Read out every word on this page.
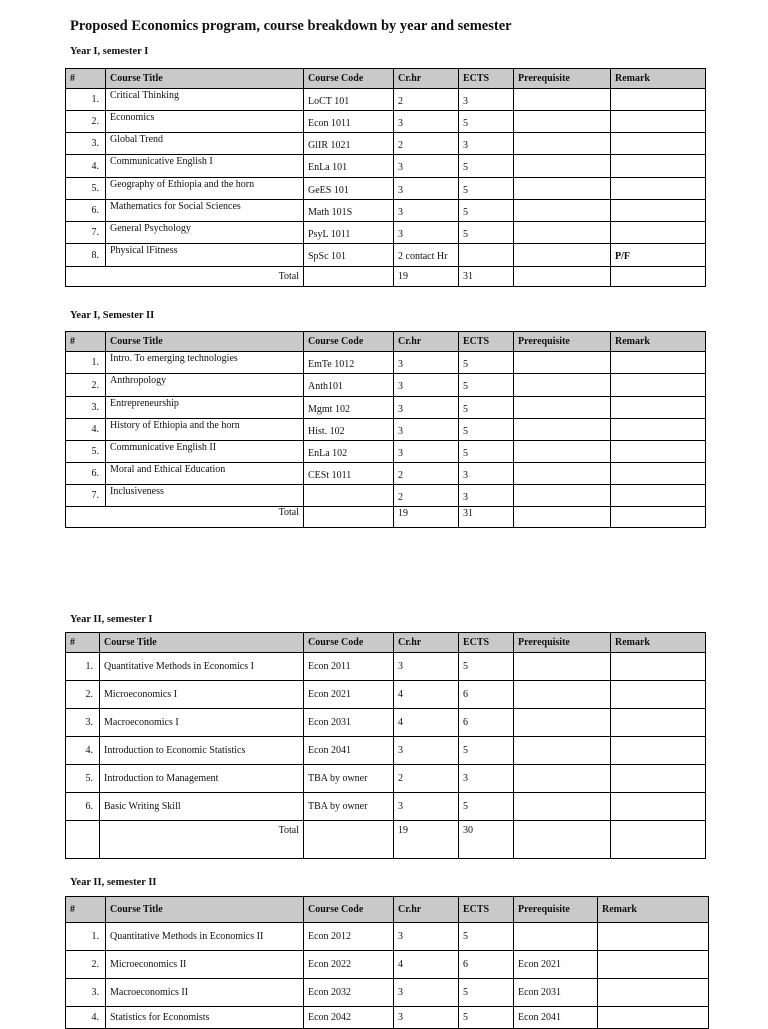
Proposed Economics program, course breakdown by year and semester
Year I, semester I
#	Course Title	Course Code	Cr.hr	ECTS	Prerequisite	Remark
1.	Critical Thinking	LoCT 101	2	3		
2.	Economics	Econ 1011	3	5		
3.	Global Trend	GlIR 1021	2	3		
4.	Communicative English I	EnLa 101	3	5		
5.	Geography of Ethiopia and the horn	GeES 101	3	5		
6.	Mathematics for Social Sciences	Math 101S	3	5		
7.	General Psychology	PsyL 1011	3	5		
8.	Physical lFitness	SpSc 101	2 contact Hr			P/F
Total			19	31		
Year I, Semester II
#	Course Title	Course Code	Cr.hr	ECTS	Prerequisite	Remark
1.	Intro. To emerging technologies	EmTe 1012	3	5		
2.	Anthropology	Anth101	3	5		
3.	Entrepreneurship	Mgmt 102	3	5		
4.	History of Ethiopia and the horn	Hist. 102	3	5		
5.	Communicative English II	EnLa 102	3	5		
6.	Moral and Ethical Education	CESt 1011	2	3		
7.	Inclusiveness		2	3		
Total			19	31		
Year II, semester I
#	Course Title	Course Code	Cr.hr	ECTS	Prerequisite	Remark
1.	Quantitative Methods in Economics I	Econ 2011	3	5		
2.	Microeconomics I	Econ 2021	4	6		
3.	Macroeconomics I	Econ 2031	4	6		
4.	Introduction to Economic Statistics	Econ 2041	3	5		
5.	Introduction to Management	TBA by owner	2	3		
6.	Basic Writing Skill	TBA by owner	3	5		
	Total		19	30		
Year II, semester II
#	Course Title	Course Code	Cr.hr	ECTS	Prerequisite	Remark
1.	Quantitative Methods in Economics II	Econ 2012	3	5		
2.	Microeconomics II	Econ 2022	4	6	Econ 2021	
3.	Macroeconomics II	Econ 2032	3	5	Econ 2031	
4.	Statistics for Economists	Econ 2042	3	5	Econ 2041	
